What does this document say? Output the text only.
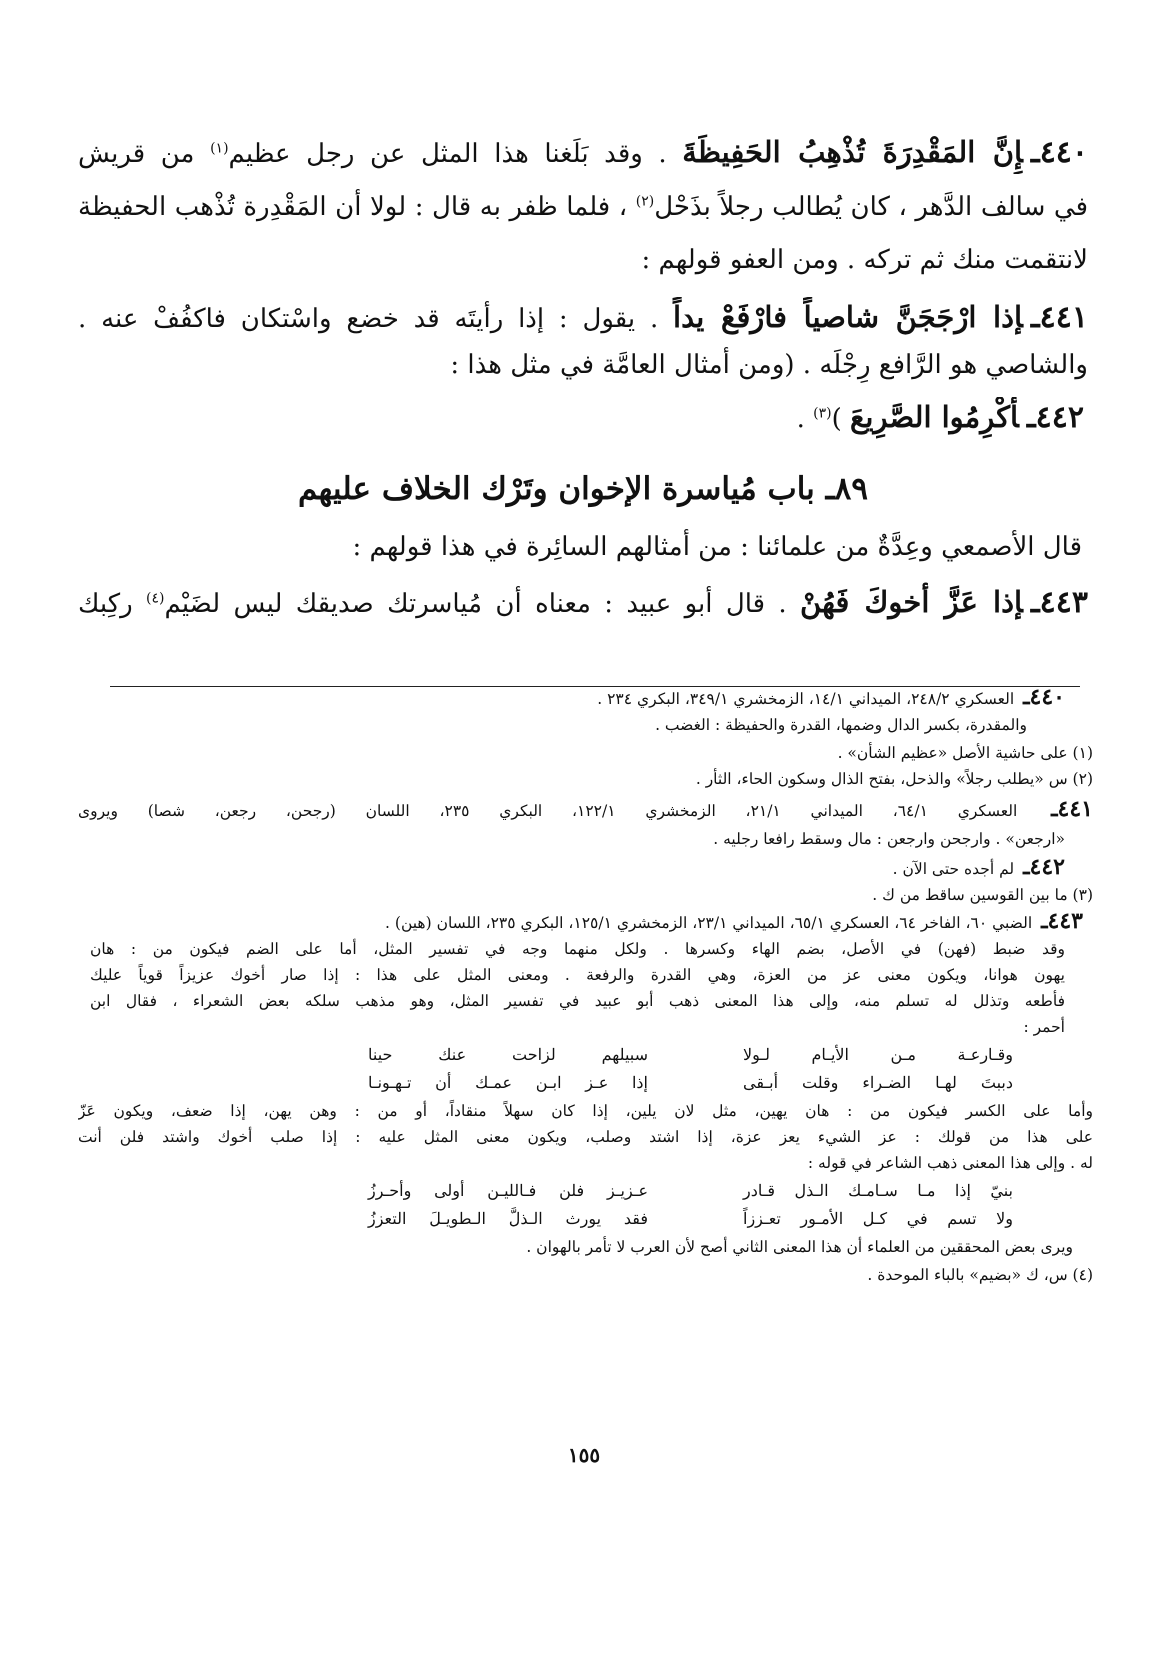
٤٤٠ـإِنَّ المَقْدِرَةَ تُذْهِبُ الحَفِيظَةَ . وقد بَلَغنا هذا المثل عن رجل عظيم$^{(١)}$ من قريش
في سالف الدَّهر ، كان يُطالب رجلاً بذَحْل$^{(٢)}$ ، فلما ظفر به قال : لولا أن المَقْدِرة تُذْهب الحفيظة
لانتقمت منك ثم تركه . ومن العفو قولهم :
٤٤١ـإذا ارْجَجَنَّ شاصياً فارْفَعْ يداً . يقول : إذا رأيتَه قد خضع واسْتكان فاكفُفْ عنه .
والشاصي هو الرَّافع رِجْلَه . (ومن أمثال العامَّة في مثل هذا :
٤٤٢ـأكْرِمُوا الصَّرِيعَ )$^{(٣)}$ .
٨٩ـ باب مُياسرة الإخوان وتَرْك الخلاف عليهم
قال الأصمعي وعِدَّةٌ من علمائنا : من أمثالهم السائِرة في هذا قولهم :
٤٤٣ـإذا عَزَّ أخوكَ فَهُنْ . قال أبو عبيد : معناه أن مُياسرتك صديقك ليس لضَيْم$^{(٤)}$ ركِبك
٤٤٠ـ العسكري ٢٤٨/٢، الميداني ١٤/١، الزمخشري ٣٤٩/١، البكري ٢٣٤ .
والمقدرة، بكسر الدال وضمها، القدرة والحفيظة : الغضب .
(١) على حاشية الأصل «عظيم الشأن» .
(٢) س «يطلب رجلاً» والذحل، بفتح الذال وسكون الحاء، الثأر .
٤٤١ـ العسكري ٦٤/١، الميداني ٢١/١، الزمخشري ١٢٢/١، البكري ٢٣٥، اللسان (رجحن، رجعن، شصا) ويروى
«ارجعن» . وارجحن وارجعن : مال وسقط رافعا رجليه .
٤٤٢ـ لم أجده حتى الآن .
(٣) ما بين القوسين ساقط من ك .
٤٤٣ـ الضبي ٦٠، الفاخر ٦٤، العسكري ٦٥/١، الميداني ٢٣/١، الزمخشري ١٢٥/١، البكري ٢٣٥، اللسان (هين) .
وقد ضبط (فهن) في الأصل، بضم الهاء وكسرها . ولكل منهما وجه في تفسير المثل، أما على الضم فيكون من : هان
يهون هوانا، ويكون معنى عز من العزة، وهي القدرة والرفعة . ومعنى المثل على هذا : إذا صار أخوك عزيزاً قوياً عليك
فأطعه وتذلل له تسلم منه، وإلى هذا المعنى ذهب أبو عبيد في تفسير المثل، وهو مذهب سلكه بعض الشعراء ، فقال ابن
أحمر :
وقـارعـة مـن الأيـام لـولا
سبيلهم لزاحت عنك حينا
دببتَ لهـا الضـراء وقلت أبـقى
إذا عـز ابـن عمـك أن تـهـونـا
وأما على الكسر فيكون من : هان يهين، مثل لان يلين، إذا كان سهلاً منقاداً، أو من : وهن يهن، إذا ضعف، ويكون عَزّ
على هذا من قولك : عز الشيء يعز عزة، إذا اشتد وصلب، ويكون معنى المثل عليه : إذا صلب أخوك واشتد فلن أنت
له . وإلى هذا المعنى ذهب الشاعر في قوله :
بنيّ إذا مـا سـامـك الـذل قـادر
عـزيـز فلن فـالليـن أولى وأحـرزُ
ولا تسم في كـل الأمـور تعـززاً
فقد يورث الـذلَّ الـطويـلَ التعززُ
ويرى بعض المحققين من العلماء أن هذا المعنى الثاني أصح لأن العرب لا تأمر بالهوان .
(٤) س، ك «بضيم» بالباء الموحدة .
١٥٥
